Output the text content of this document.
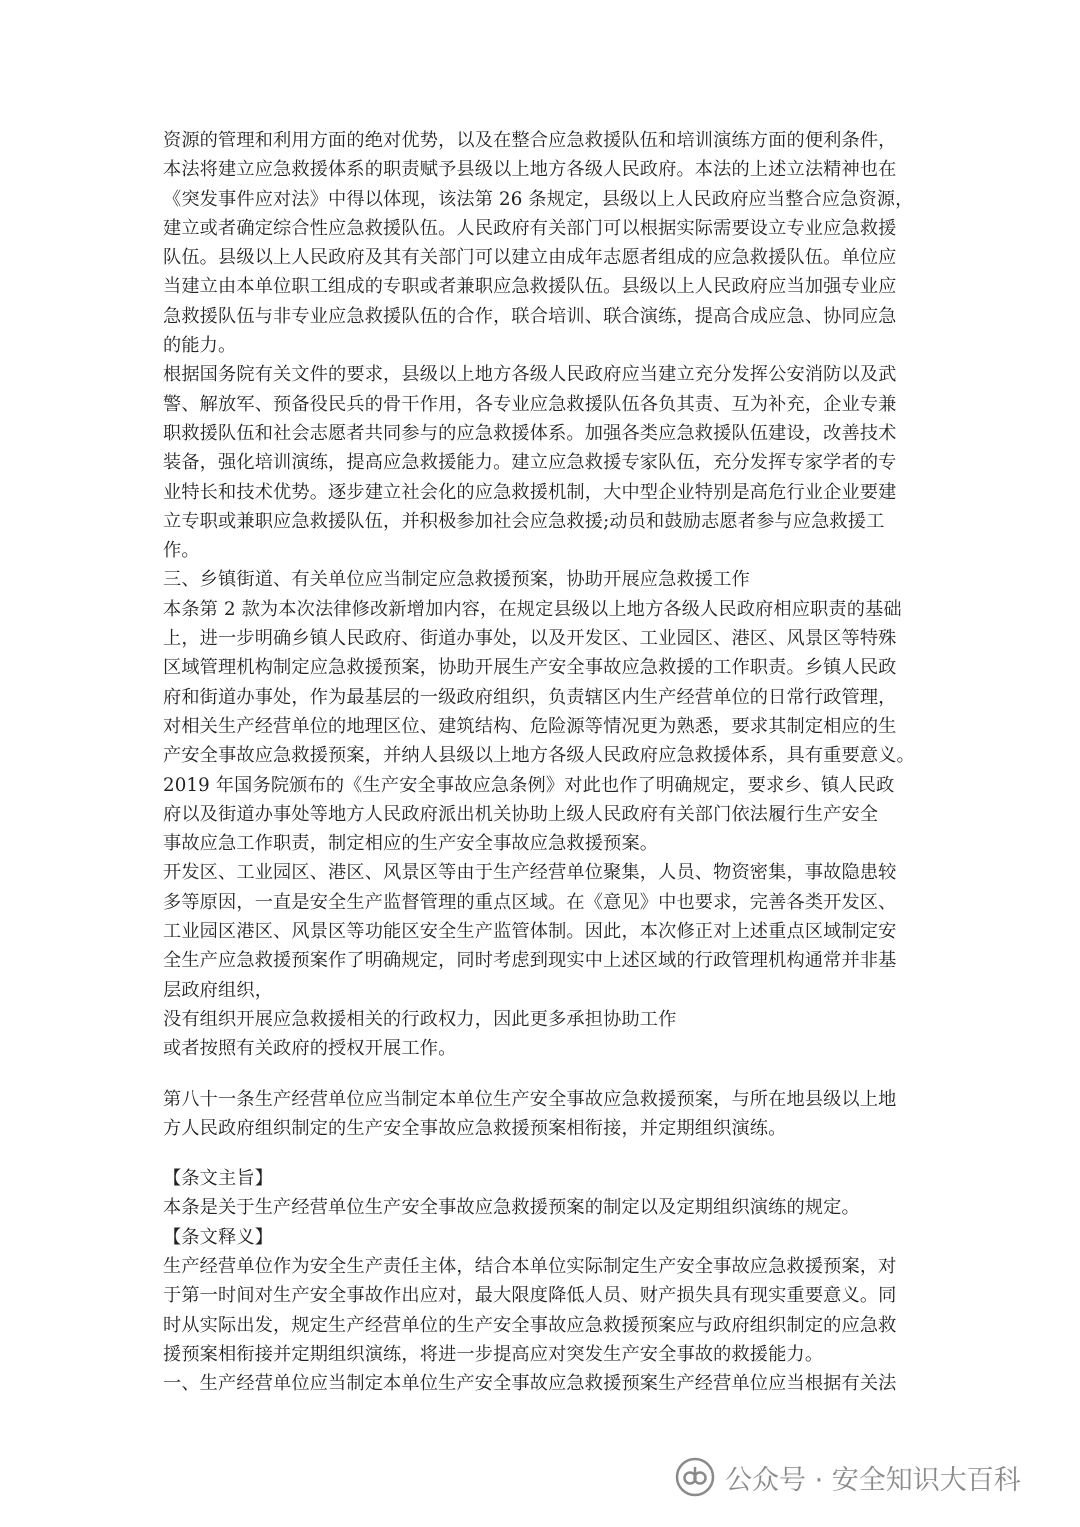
资源的管理和利用方面的绝对优势，以及在整合应急救援队伍和培训演练方面的便利条件，
本法将建立应急救援体系的职责赋予县级以上地方各级人民政府。本法的上述立法精神也在
《突发事件应对法》中得以体现，该法第 26 条规定，县级以上人民政府应当整合应急资源，
建立或者确定综合性应急救援队伍。人民政府有关部门可以根据实际需要设立专业应急救援
队伍。县级以上人民政府及其有关部门可以建立由成年志愿者组成的应急救援队伍。单位应
当建立由本单位职工组成的专职或者兼职应急救援队伍。县级以上人民政府应当加强专业应
急救援队伍与非专业应急救援队伍的合作，联合培训、联合演练，提高合成应急、协同应急
的能力。
根据国务院有关文件的要求，县级以上地方各级人民政府应当建立充分发挥公安消防以及武
警、解放军、预备役民兵的骨干作用，各专业应急救援队伍各负其责、互为补充，企业专兼
职救援队伍和社会志愿者共同参与的应急救援体系。加强各类应急救援队伍建设，改善技术
装备，强化培训演练，提高应急救援能力。建立应急救援专家队伍，充分发挥专家学者的专
业特长和技术优势。逐步建立社会化的应急救援机制，大中型企业特别是高危行业企业要建
立专职或兼职应急救援队伍，并积极参加社会应急救援;动员和鼓励志愿者参与应急救援工
作。
三、乡镇街道、有关单位应当制定应急救援预案，协助开展应急救援工作
本条第 2 款为本次法律修改新增加内容，在规定县级以上地方各级人民政府相应职责的基础
上，进一步明确乡镇人民政府、街道办事处，以及开发区、工业园区、港区、风景区等特殊
区域管理机构制定应急救援预案，协助开展生产安全事故应急救援的工作职责。乡镇人民政
府和街道办事处，作为最基层的一级政府组织，负责辖区内生产经营单位的日常行政管理，
对相关生产经营单位的地理区位、建筑结构、危险源等情况更为熟悉，要求其制定相应的生
产安全事故应急救援预案，并纳人县级以上地方各级人民政府应急救援体系，具有重要意义。
2019 年国务院颁布的《生产安全事故应急条例》对此也作了明确规定，要求乡、镇人民政
府以及街道办事处等地方人民政府派出机关协助上级人民政府有关部门依法履行生产安全
事故应急工作职责，制定相应的生产安全事故应急救援预案。
开发区、工业园区、港区、风景区等由于生产经营单位聚集，人员、物资密集，事故隐患较
多等原因，一直是安全生产监督管理的重点区域。在《意见》中也要求，完善各类开发区、
工业园区港区、风景区等功能区安全生产监管体制。因此，本次修正对上述重点区域制定安
全生产应急救援预案作了明确规定，同时考虑到现实中上述区域的行政管理机构通常并非基
层政府组织，
没有组织开展应急救援相关的行政权力，因此更多承担协助工作
或者按照有关政府的授权开展工作。
第八十一条生产经营单位应当制定本单位生产安全事故应急救援预案，与所在地县级以上地
方人民政府组织制定的生产安全事故应急救援预案相衔接，并定期组织演练。
【条文主旨】
本条是关于生产经营单位生产安全事故应急救援预案的制定以及定期组织演练的规定。
【条文释义】
生产经营单位作为安全生产责任主体，结合本单位实际制定生产安全事故应急救援预案，对
于第一时间对生产安全事故作出应对，最大限度降低人员、财产损失具有现实重要意义。同
时从实际出发，规定生产经营单位的生产安全事故应急救援预案应与政府组织制定的应急救
援预案相衔接并定期组织演练，将进一步提高应对突发生产安全事故的救援能力。
一、生产经营单位应当制定本单位生产安全事故应急救援预案生产经营单位应当根据有关法
公众号 · 安全知识大百科
